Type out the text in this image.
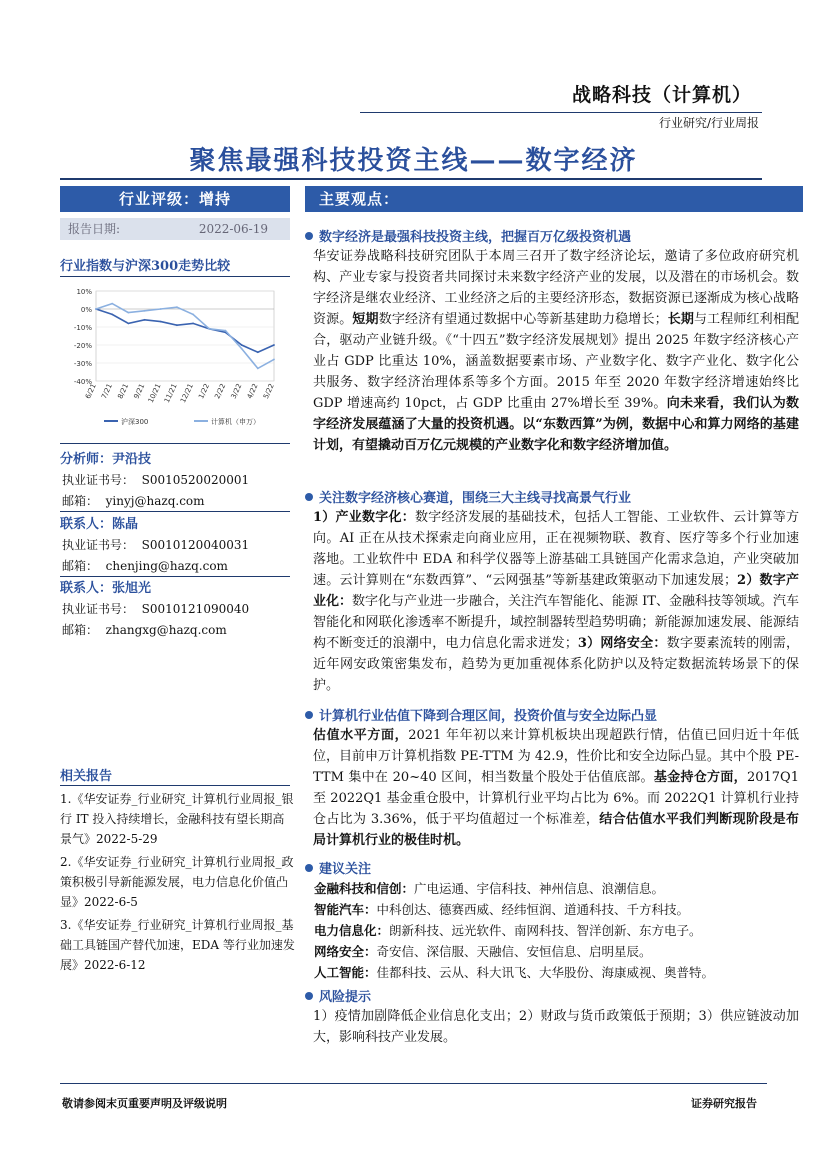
战略科技（计算机）
行业研究/行业周报
聚焦最强科技投资主线——数字经济
行业评级：增持
报告日期:	2022-06-19
行业指数与沪深300走势比较
10%
0%
-10%
-20%
-30%
-40%
6/21 7/21 8/21 9/21 10/21 11/21 12/21 1/22 2/22 3/22 4/22 5/22
沪深300	计算机（申万）
分析师：尹沿技
执业证书号： S0010520020001
邮箱： yinyj@hazq.com
联系人：陈晶
执业证书号： S0010120040031
邮箱： chenjing@hazq.com
联系人：张旭光
执业证书号： S0010121090040
邮箱： zhangxg@hazq.com
相关报告
1.《华安证券_行业研究_计算机行业周报_银行 IT 投入持续增长，金融科技有望长期高景气》2022-5-29
2.《华安证券_行业研究_计算机行业周报_政策积极引导新能源发展，电力信息化价值凸显》2022-6-5
3.《华安证券_行业研究_计算机行业周报_基础工具链国产替代加速，EDA 等行业加速发展》2022-6-12
主要观点：
数字经济是最强科技投资主线，把握百万亿级投资机遇
华安证券战略科技研究团队于本周三召开了数字经济论坛，邀请了多位政府研究机构、产业专家与投资者共同探讨未来数字经济产业的发展，以及潜在的市场机会。数字经济是继农业经济、工业经济之后的主要经济形态，数据资源已逐渐成为核心战略资源。短期数字经济有望通过数据中心等新基建助力稳增长；长期与工程师红利相配合，驱动产业链升级。《“十四五”数字经济发展规划》提出 2025 年数字经济核心产业占 GDP 比重达 10%，涵盖数据要素市场、产业数字化、数字产业化、数字化公共服务、数字经济治理体系等多个方面。2015 年至 2020 年数字经济增速始终比 GDP 增速高约 10pct，占 GDP 比重由 27%增长至 39%。向未来看，我们认为数字经济发展蕴涵了大量的投资机遇。以“东数西算”为例，数据中心和算力网络的基建计划，有望撬动百万亿元规模的产业数字化和数字经济增加值。
关注数字经济核心赛道，围绕三大主线寻找高景气行业
1）产业数字化：数字经济发展的基础技术，包括人工智能、工业软件、云计算等方向。AI 正在从技术探索走向商业应用，正在视频物联、教育、医疗等多个行业加速落地。工业软件中 EDA 和科学仪器等上游基础工具链国产化需求急迫，产业突破加速。云计算则在“东数西算”、“云网强基”等新基建政策驱动下加速发展；2）数字产业化：数字化与产业进一步融合，关注汽车智能化、能源 IT、金融科技等领域。汽车智能化和网联化渗透率不断提升，域控制器转型趋势明确；新能源加速发展、能源结构不断变迁的浪潮中，电力信息化需求迸发；3）网络安全：数字要素流转的刚需，近年网安政策密集发布，趋势为更加重视体系化防护以及特定数据流转场景下的保护。
计算机行业估值下降到合理区间，投资价值与安全边际凸显
估值水平方面，2021 年年初以来计算机板块出现超跌行情，估值已回归近十年低位，目前申万计算机指数 PE-TTM 为 42.9，性价比和安全边际凸显。其中个股 PE-TTM 集中在 20~40 区间，相当数量个股处于估值底部。基金持仓方面，2017Q1 至 2022Q1 基金重仓股中，计算机行业平均占比为 6%。而 2022Q1 计算机行业持仓占比为 3.36%，低于平均值超过一个标准差，结合估值水平我们判断现阶段是布局计算机行业的极佳时机。
建议关注
金融科技和信创：广电运通、宇信科技、神州信息、浪潮信息。
智能汽车：中科创达、德赛西威、经纬恒润、道通科技、千方科技。
电力信息化：朗新科技、远光软件、南网科技、智洋创新、东方电子。
网络安全：奇安信、深信服、天融信、安恒信息、启明星辰。
人工智能：佳都科技、云从、科大讯飞、大华股份、海康威视、奥普特。
风险提示
1）疫情加剧降低企业信息化支出；2）财政与货币政策低于预期；3）供应链波动加大，影响科技产业发展。
敬请参阅末页重要声明及评级说明	证券研究报告
